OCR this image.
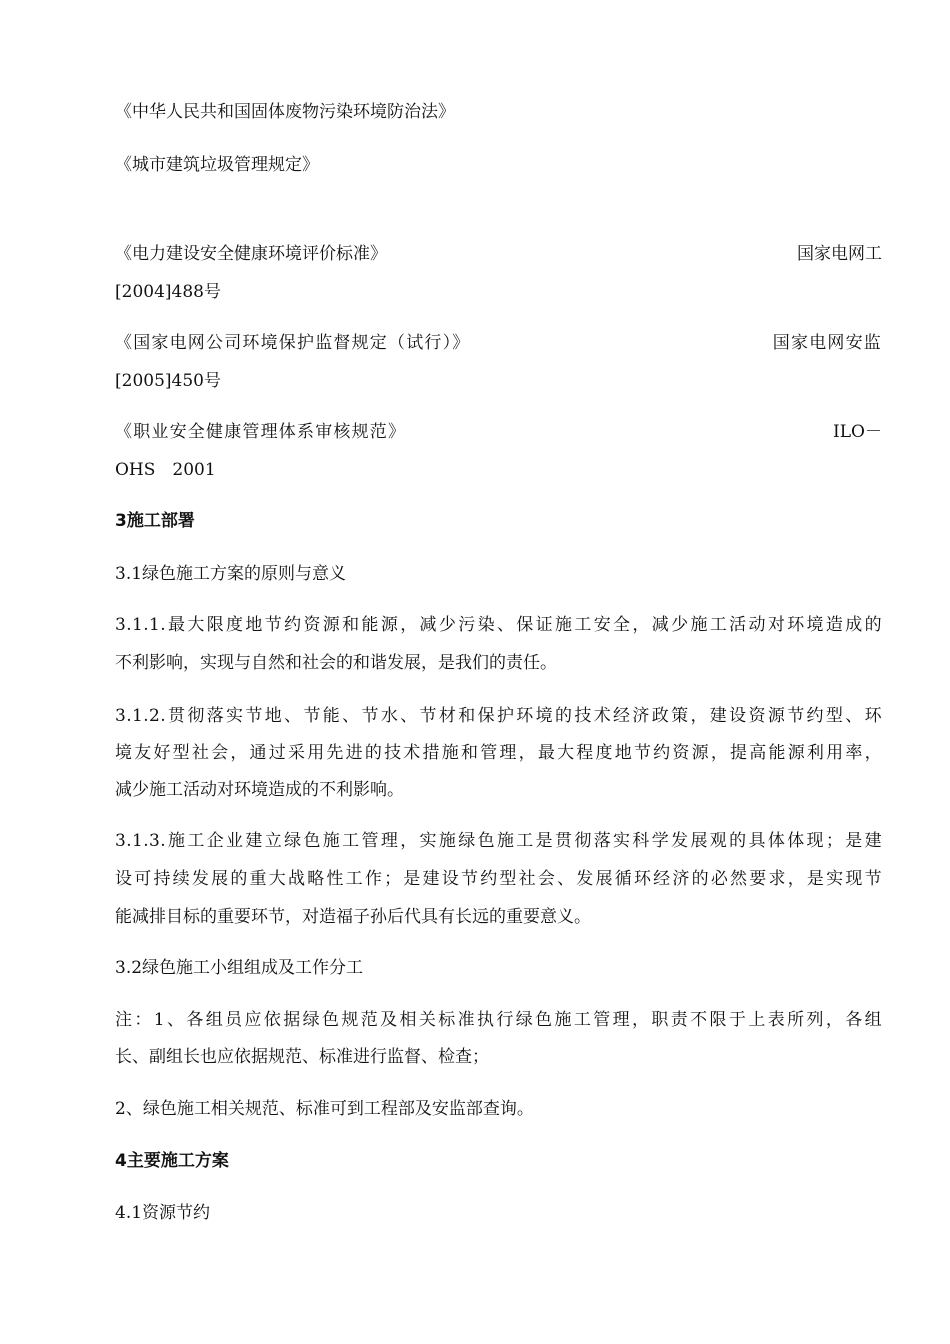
《中华人民共和国固体废物污染环境防治法》
《城市建筑垃圾管理规定》
《电力建设安全健康环境评价标准》	国家电网工
[2004]488号
《国家电网公司环境保护监督规定（试行）》	国家电网安监
[2005]450号
《职业安全健康管理体系审核规范》	ILO－
OHS　2001
3施工部署
3.1绿色施工方案的原则与意义
3.1.1.最大限度地节约资源和能源，减少污染、保证施工安全，减少施工活动对环境造成的
不利影响，实现与自然和社会的和谐发展，是我们的责任。
3.1.2.贯彻落实节地、节能、节水、节材和保护环境的技术经济政策，建设资源节约型、环
境友好型社会，通过采用先进的技术措施和管理，最大程度地节约资源，提高能源利用率，
减少施工活动对环境造成的不利影响。
3.1.3.施工企业建立绿色施工管理，实施绿色施工是贯彻落实科学发展观的具体体现；是建
设可持续发展的重大战略性工作；是建设节约型社会、发展循环经济的必然要求，是实现节
能减排目标的重要环节，对造福子孙后代具有长远的重要意义。
3.2绿色施工小组组成及工作分工
注：1、各组员应依据绿色规范及相关标准执行绿色施工管理，职责不限于上表所列，各组
长、副组长也应依据规范、标准进行监督、检查；
2、绿色施工相关规范、标准可到工程部及安监部查询。
4主要施工方案
4.1资源节约
